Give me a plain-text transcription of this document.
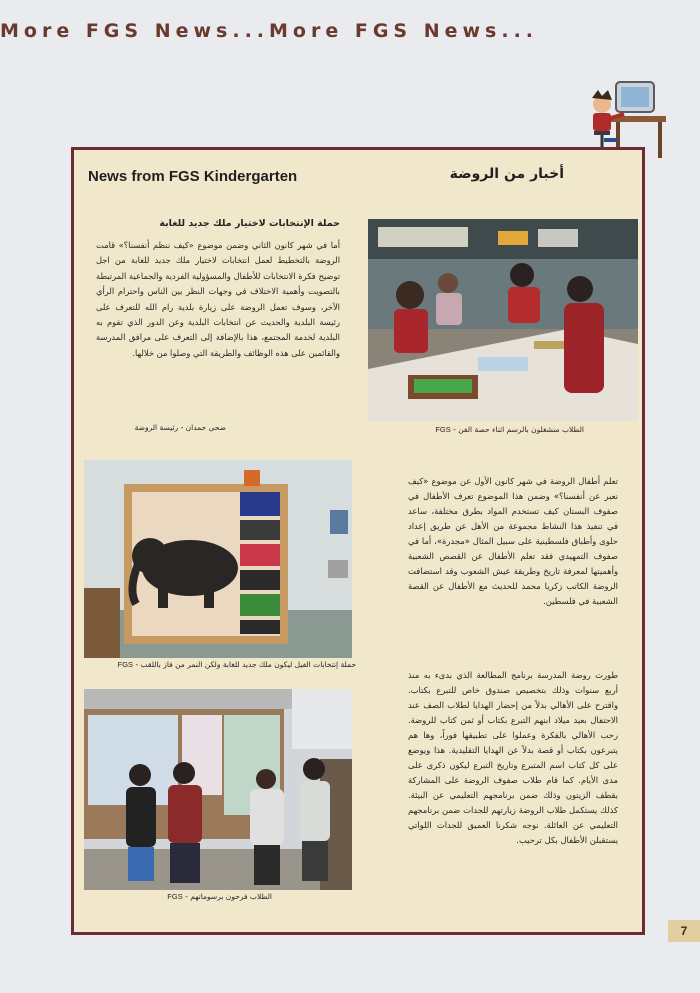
More FGS News...More FGS News...
News from FGS Kindergarten	أخبار من الروضة
حملة الإنتخابات لاختيار ملك جديد للغابة
أما في شهر كانون الثاني وضمن موضوع «كيف ننظم أنفسنا؟» قامت الروضة بالتخطيط لعمل انتخابات لاختيار ملك جديد للغابة من اجل توضيح فكرة الانتخابات للأطفال والمسؤولية الفردية والجماعية المرتبطة بالتصويت وأهمية الاختلاف في وجهات النظر بين الناس واحترام الرأي الآخر، وسوف تعمل الروضة على زيارة بلدية رام الله للتعرف على رئيسة البلدية والحديث عن انتخابات البلدية وعن الدور الذي تقوم به البلدية لخدمة المجتمع، هذا بالإضافة إلى التعرف على مرافق المدرسة والقائمين على هذه الوظائف والطريقة التي وصلوا من خلالها.
ضحى حمدان - رئيسة الروضة	الطلاب منشغلون بالرسم اثناء حصة الفن - FGS
حملة إنتخابات الفيل ليكون ملك جديد للغابة ولكن النمر من فاز باللقب - FGS
الطلاب فرحون برسوماتهم - FGS
تعلم أطفال الروضة في شهر كانون الأول عن موضوع «كيف نعبر عن أنفسنا؟» وضمن هذا الموضوع تعرف الأطفال في صفوف البستان كيف تستخدم المواد بطرق مختلفة، ساعد في تنفيذ هذا النشاط مجموعة من الأهل عن طريق إعداد حلوى وأطباق فلسطينية على سبيل المثال «مجدرة»، أما في صفوف التمهيدي فقد تعلم الأطفال عن القصص الشعبية وأهميتها لمعرفة تاريخ وطريقة عيش الشعوب وقد استضافت الروضة الكاتب زكريا محمد للحديث مع الأطفال عن القصة الشعبية في فلسطين.
طورت روضة المدرسة برنامج المطالعة الذي بدىء به منذ أربع سنوات وذلك بتخصيص صندوق خاص للتبرع بكتاب. واقترح على الأهالي بدلاً من إحضار الهدايا لطلاب الصف عند الاحتفال بعيد ميلاد ابنهم التبرع بكتاب أو ثمن كتاب للروضة. رحب الأهالي بالفكرة وعملوا على تطبيقها فوراً، وها هم يتبرعون بكتاب أو قصة بدلاً عن الهدايا التقليدية. هذا ويوضع على كل كتاب اسم المتبرع وتاريخ التبرع ليكون ذكرى على مدى الأيام. كما قام طلاب صفوف الروضة على المشاركة بقطف الزيتون وذلك ضمن برنامجهم التعليمي عن البيئة. كذلك يستكمل طلاب الروضة زيارتهم للجدات ضمن برنامجهم التعليمي عن العائلة. نوجه شكرنا العميق للجدات اللواتي يستقبلن الأطفال بكل ترحيب.
7
